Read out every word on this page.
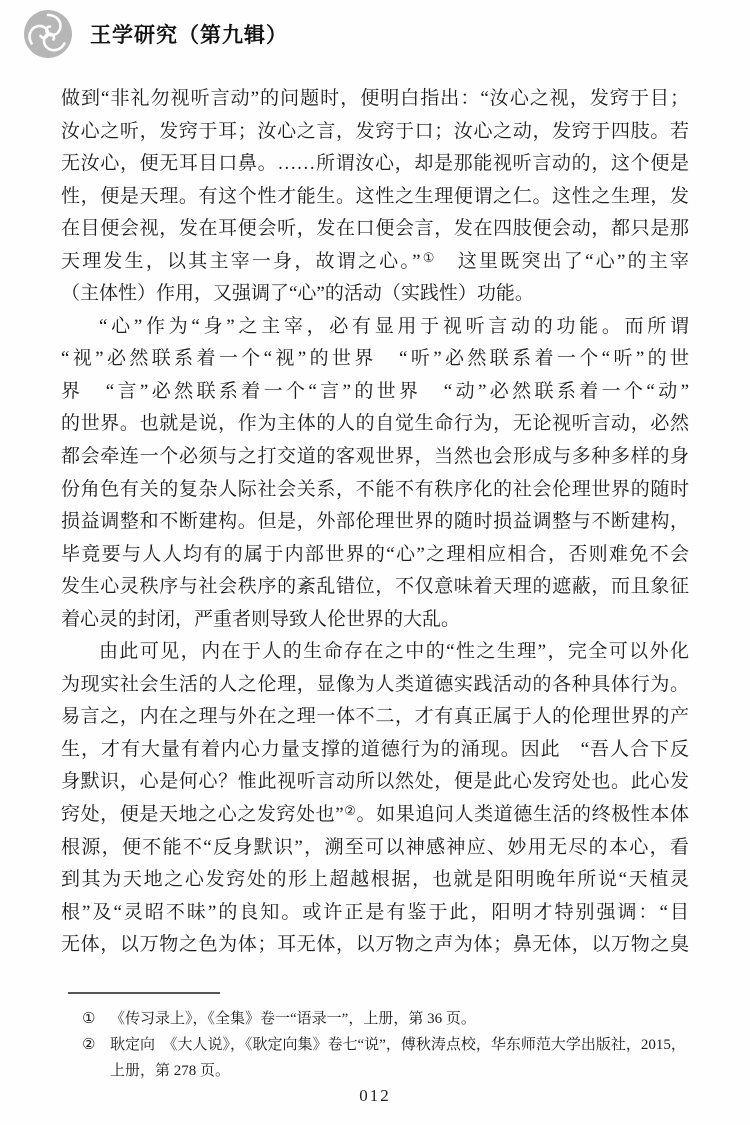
王学研究（第九辑）
做到“非礼勿视听言动”的问题时，便明白指出：“汝心之视，发窍于目；
汝心之听，发窍于耳；汝心之言，发窍于口；汝心之动，发窍于四肢。若
无汝心，便无耳目口鼻。……所谓汝心，却是那能视听言动的，这个便是
性，便是天理。有这个性才能生。这性之生理便谓之仁。这性之生理，发
在目便会视，发在耳便会听，发在口便会言，发在四肢便会动，都只是那
天理发生，以其主宰一身，故谓之心。”①　这里既突出了“心”的主宰
（主体性）作用，又强调了“心”的活动（实践性）功能。
“心”作为“身”之主宰，必有显用于视听言动的功能。而所谓
“视”必然联系着一个“视”的世界　“听”必然联系着一个“听”的世
界　“言”必然联系着一个“言”的世界　“动”必然联系着一个“动”
的世界。也就是说，作为主体的人的自觉生命行为，无论视听言动，必然
都会牵连一个必须与之打交道的客观世界，当然也会形成与多种多样的身
份角色有关的复杂人际社会关系，不能不有秩序化的社会伦理世界的随时
损益调整和不断建构。但是，外部伦理世界的随时损益调整与不断建构，
毕竟要与人人均有的属于内部世界的“心”之理相应相合，否则难免不会
发生心灵秩序与社会秩序的紊乱错位，不仅意味着天理的遮蔽，而且象征
着心灵的封闭，严重者则导致人伦世界的大乱。
由此可见，内在于人的生命存在之中的“性之生理”，完全可以外化
为现实社会生活的人之伦理，显像为人类道德实践活动的各种具体行为。
易言之，内在之理与外在之理一体不二，才有真正属于人的伦理世界的产
生，才有大量有着内心力量支撑的道德行为的涌现。因此　“吾人合下反
身默识，心是何心？惟此视听言动所以然处，便是此心发窍处也。此心发
窍处，便是天地之心之发窍处也”②。如果追问人类道德生活的终极性本体
根源，便不能不“反身默识”，溯至可以神感神应、妙用无尽的本心，看
到其为天地之心发窍处的形上超越根据，也就是阳明晚年所说“天植灵
根”及“灵昭不昧”的良知。或许正是有鉴于此，阳明才特别强调：“目
无体，以万物之色为体；耳无体，以万物之声为体；鼻无体，以万物之臭
① 《传习录上》，《全集》卷一“语录一”，上册，第 36 页。
② 耿定向　《大人说》，《耿定向集》卷七“说”，傅秋涛点校，华东师范大学出版社，2015，上册，第 278 页。
012
